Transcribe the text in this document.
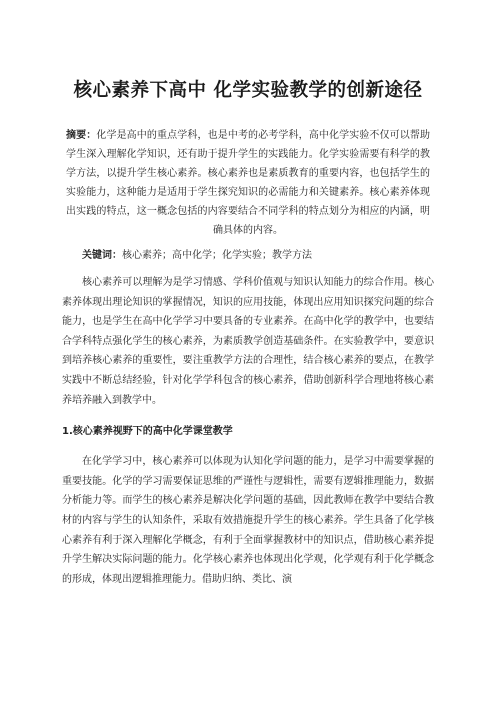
核心素养下高中 化学实验教学的创新途径

摘要：化学是高中的重点学科，也是中考的必考学科，高中化学实验不仅可以帮助学生深入理解化学知识，还有助于提升学生的实践能力。化学实验需要有科学的教学方法，以提升学生核心素养。核心素养也是素质教育的重要内容，也包括学生的实验能力，这种能力是适用于学生探究知识的必需能力和关键素养。核心素养体现出实践的特点，这一概念包括的内容要结合不同学科的特点划分为相应的内涵，明确具体的内容。

关键词：核心素养；高中化学；化学实验；教学方法

核心素养可以理解为是学习情感、学科价值观与知识认知能力的综合作用。核心素养体现出理论知识的掌握情况，知识的应用技能，体现出应用知识探究问题的综合能力，也是学生在高中化学学习中要具备的专业素养。在高中化学的教学中，也要结合学科特点强化学生的核心素养，为素质教学创造基础条件。在实验教学中，要意识到培养核心素养的重要性，要注重教学方法的合理性，结合核心素养的要点，在教学实践中不断总结经验，针对化学学科包含的核心素养，借助创新科学合理地将核心素养培养融入到教学中。

1.核心素养视野下的高中化学课堂教学

在化学学习中，核心素养可以体现为认知化学问题的能力，是学习中需要掌握的重要技能。化学的学习需要保证思维的严谨性与逻辑性，需要有逻辑推理能力，数据分析能力等。而学生的核心素养是解决化学问题的基础，因此教师在教学中要结合教材的内容与学生的认知条件，采取有效措施提升学生的核心素养。学生具备了化学核心素养有利于深入理解化学概念，有利于全面掌握教材中的知识点，借助核心素养提升学生解决实际问题的能力。化学核心素养也体现出化学观，化学观有利于化学概念的形成，体现出逻辑推理能力。借助归纳、类比、演
